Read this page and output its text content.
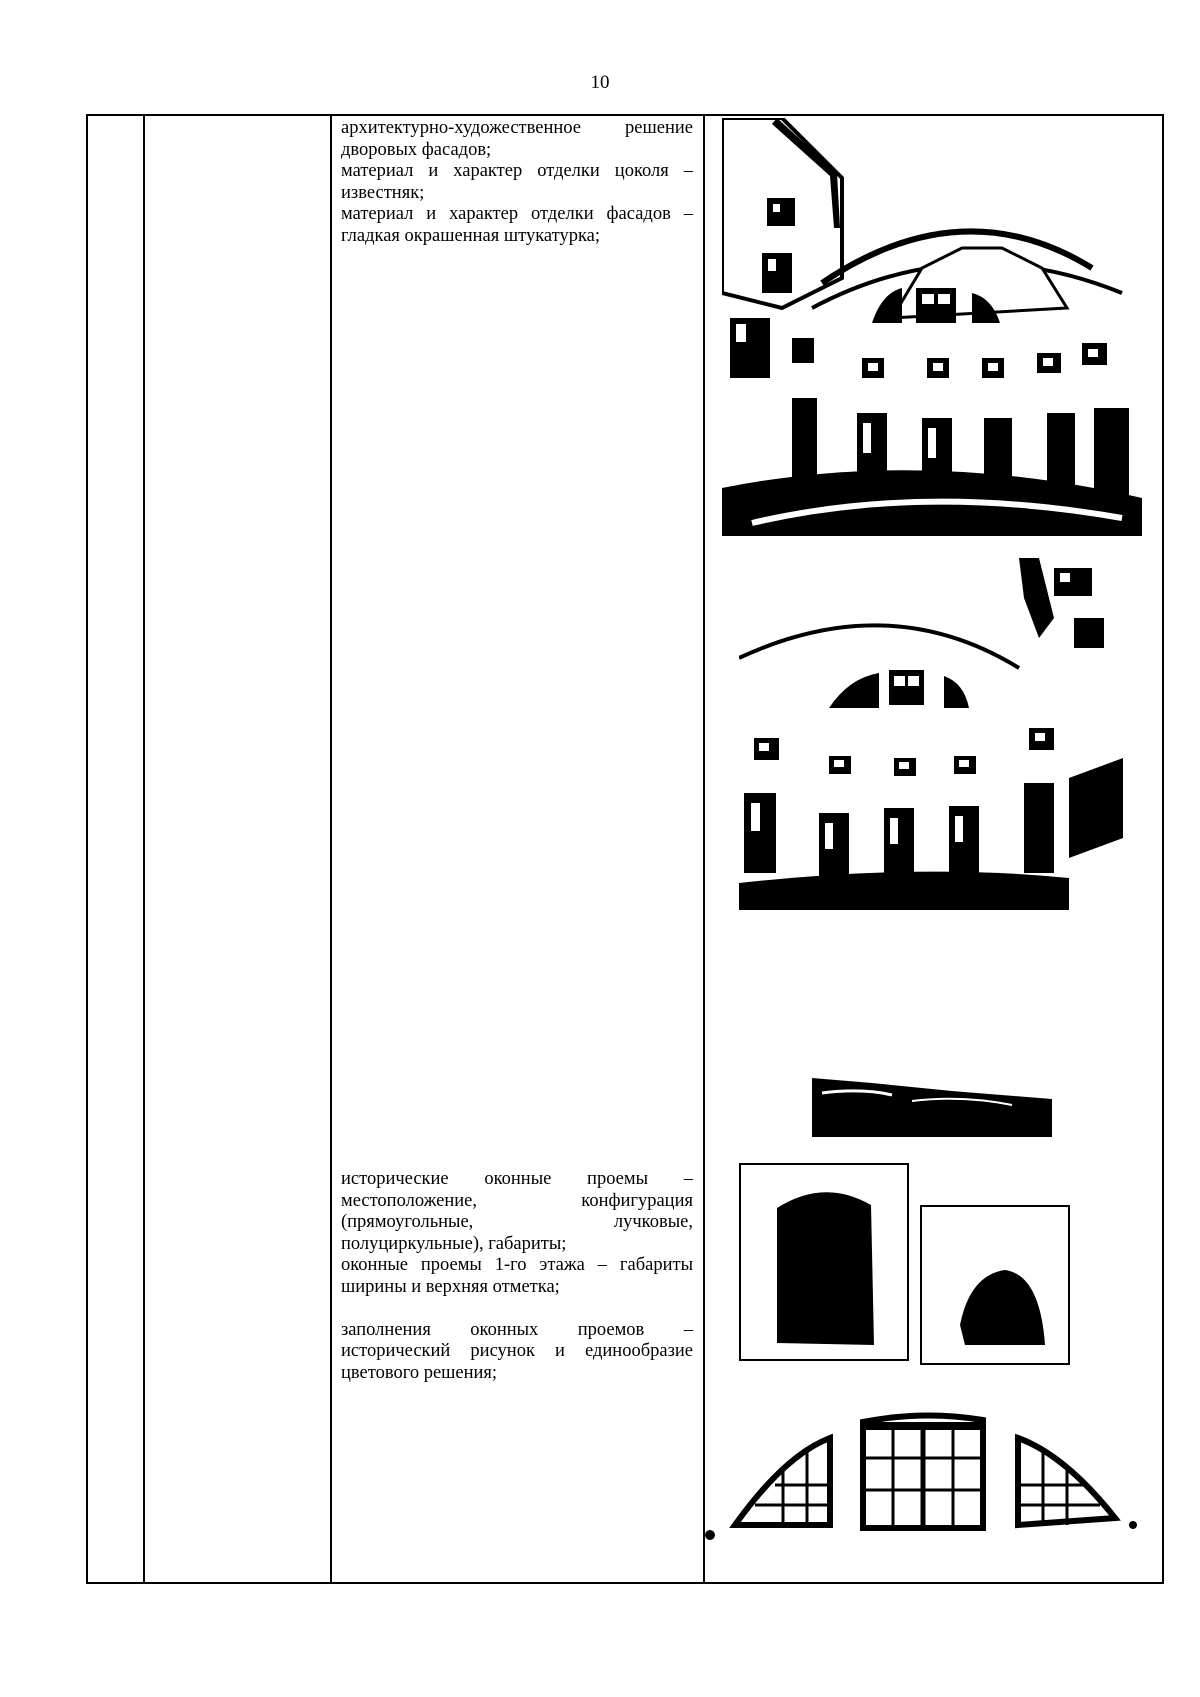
10

архитектурно-художественное решение дворовых фасадов;

материал и характер отделки цоколя – известняк;

материал и характер отделки фасадов – гладкая окрашенная штукатурка;

исторические оконные проемы – местоположение, конфигурация (прямоугольные, лучковые, полуциркульные), габариты;

оконные проемы 1-го этажа – габариты ширины и верхняя отметка;

заполнения оконных проемов – исторический рисунок и единообразие цветового решения;
